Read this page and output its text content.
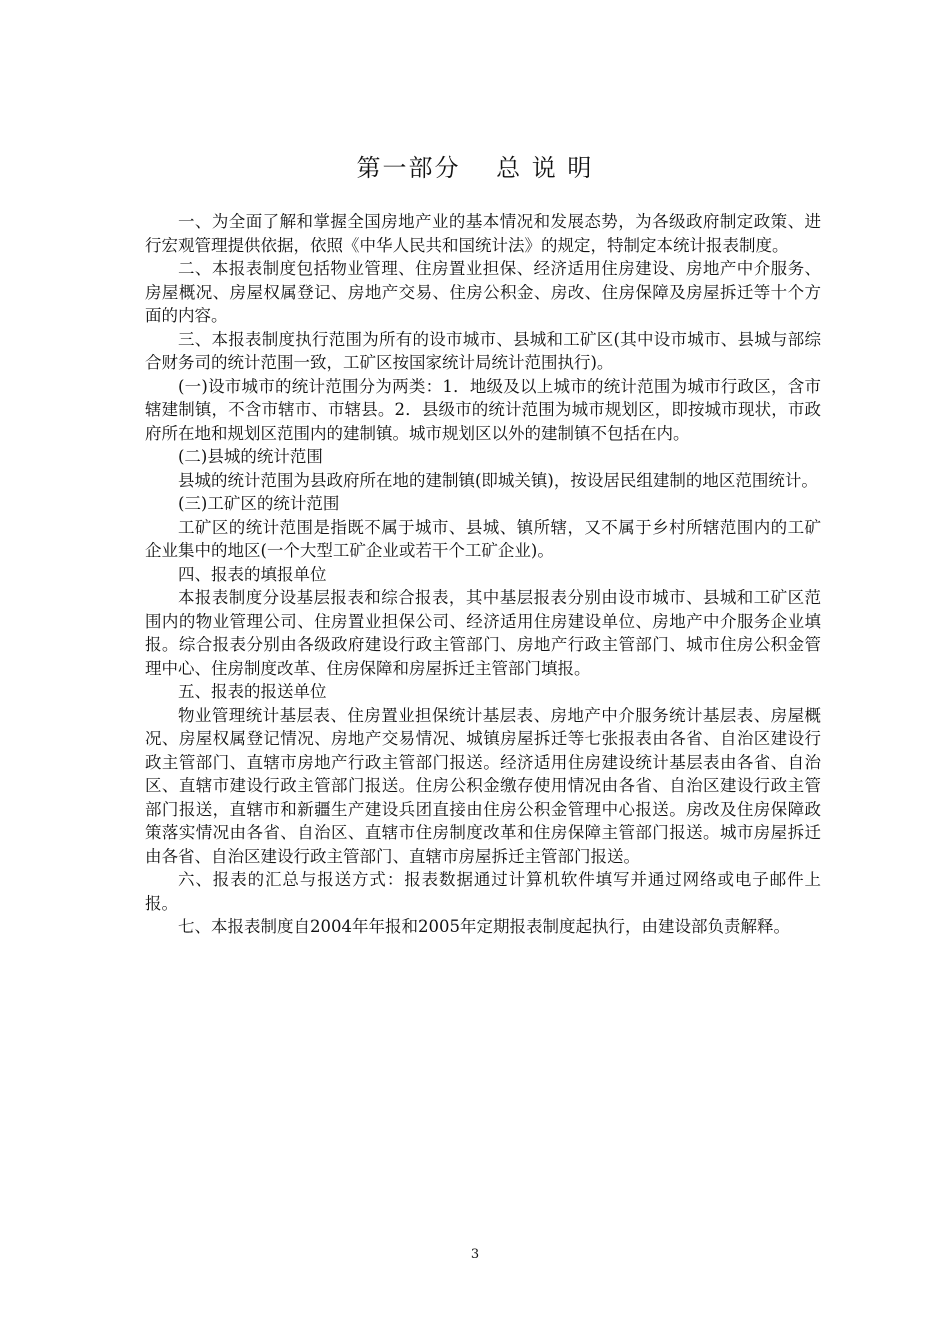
第一部分　 总 说 明

一、为全面了解和掌握全国房地产业的基本情况和发展态势，为各级政府制定政策、进行宏观管理提供依据，依照《中华人民共和国统计法》的规定，特制定本统计报表制度。

二、本报表制度包括物业管理、住房置业担保、经济适用住房建设、房地产中介服务、房屋概况、房屋权属登记、房地产交易、住房公积金、房改、住房保障及房屋拆迁等十个方面的内容。

三、本报表制度执行范围为所有的设市城市、县城和工矿区(其中设市城市、县城与部综合财务司的统计范围一致，工矿区按国家统计局统计范围执行)。

(一)设市城市的统计范围分为两类：1．地级及以上城市的统计范围为城市行政区，含市辖建制镇，不含市辖市、市辖县。2．县级市的统计范围为城市规划区，即按城市现状，市政府所在地和规划区范围内的建制镇。城市规划区以外的建制镇不包括在内。

(二)县城的统计范围

县城的统计范围为县政府所在地的建制镇(即城关镇)，按设居民组建制的地区范围统计。

(三)工矿区的统计范围

工矿区的统计范围是指既不属于城市、县城、镇所辖，又不属于乡村所辖范围内的工矿企业集中的地区(一个大型工矿企业或若干个工矿企业)。

四、报表的填报单位

本报表制度分设基层报表和综合报表，其中基层报表分别由设市城市、县城和工矿区范围内的物业管理公司、住房置业担保公司、经济适用住房建设单位、房地产中介服务企业填报。综合报表分别由各级政府建设行政主管部门、房地产行政主管部门、城市住房公积金管理中心、住房制度改革、住房保障和房屋拆迁主管部门填报。

五、报表的报送单位

物业管理统计基层表、住房置业担保统计基层表、房地产中介服务统计基层表、房屋概况、房屋权属登记情况、房地产交易情况、城镇房屋拆迁等七张报表由各省、自治区建设行政主管部门、直辖市房地产行政主管部门报送。经济适用住房建设统计基层表由各省、自治区、直辖市建设行政主管部门报送。住房公积金缴存使用情况由各省、自治区建设行政主管部门报送，直辖市和新疆生产建设兵团直接由住房公积金管理中心报送。房改及住房保障政策落实情况由各省、自治区、直辖市住房制度改革和住房保障主管部门报送。城市房屋拆迁由各省、自治区建设行政主管部门、直辖市房屋拆迁主管部门报送。

六、报表的汇总与报送方式：报表数据通过计算机软件填写并通过网络或电子邮件上报。

七、本报表制度自2004年年报和2005年定期报表制度起执行，由建设部负责解释。

3
